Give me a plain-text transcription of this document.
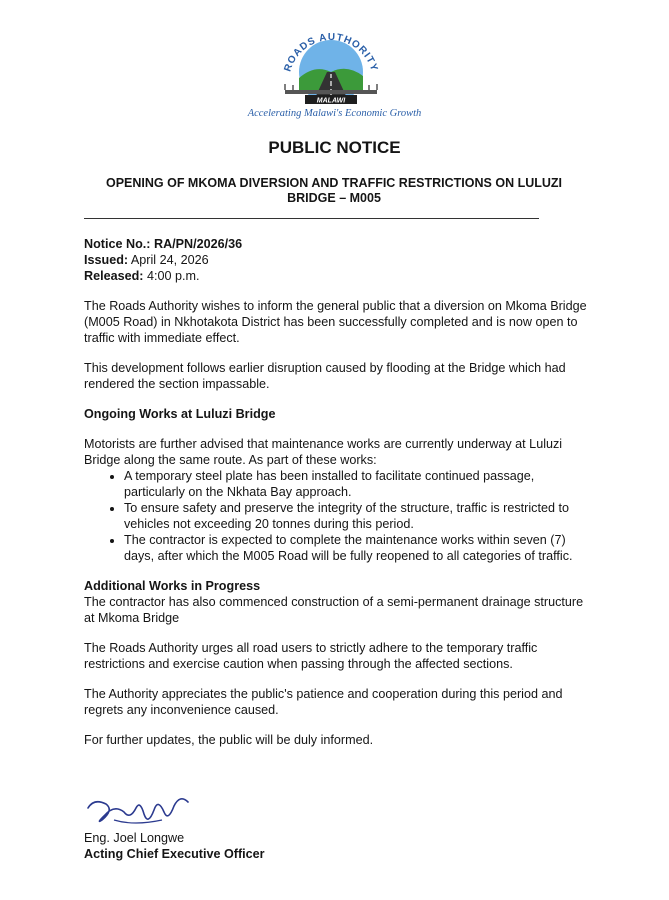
MALAWI
ROADS AUTHORITY
Accelerating Malawi's Economic Growth
PUBLIC NOTICE
OPENING OF MKOMA DIVERSION AND TRAFFIC RESTRICTIONS ON LULUZI BRIDGE – M005

Notice No.: RA/PN/2026/36

Issued: April 24, 2026

Released: 4:00 p.m.

The Roads Authority wishes to inform the general public that a diversion on Mkoma Bridge (M005 Road) in Nkhotakota District has been successfully completed and is now open to traffic with immediate effect.

This development follows earlier disruption caused by flooding at the Bridge which had rendered the section impassable.

Ongoing Works at Luluzi Bridge

Motorists are further advised that maintenance works are currently underway at Luluzi Bridge along the same route. As part of these works:

• A temporary steel plate has been installed to facilitate continued passage, particularly on the Nkhata Bay approach.
• To ensure safety and preserve the integrity of the structure, traffic is restricted to vehicles not exceeding 20 tonnes during this period.
• The contractor is expected to complete the maintenance works within seven (7) days, after which the M005 Road will be fully reopened to all categories of traffic.

Additional Works in Progress

The contractor has also commenced construction of a semi-permanent drainage structure at Mkoma Bridge

The Roads Authority urges all road users to strictly adhere to the temporary traffic restrictions and exercise caution when passing through the affected sections.

The Authority appreciates the public's patience and cooperation during this period and regrets any inconvenience caused.

For further updates, the public will be duly informed.

Eng. Joel Longwe
Acting Chief Executive Officer
